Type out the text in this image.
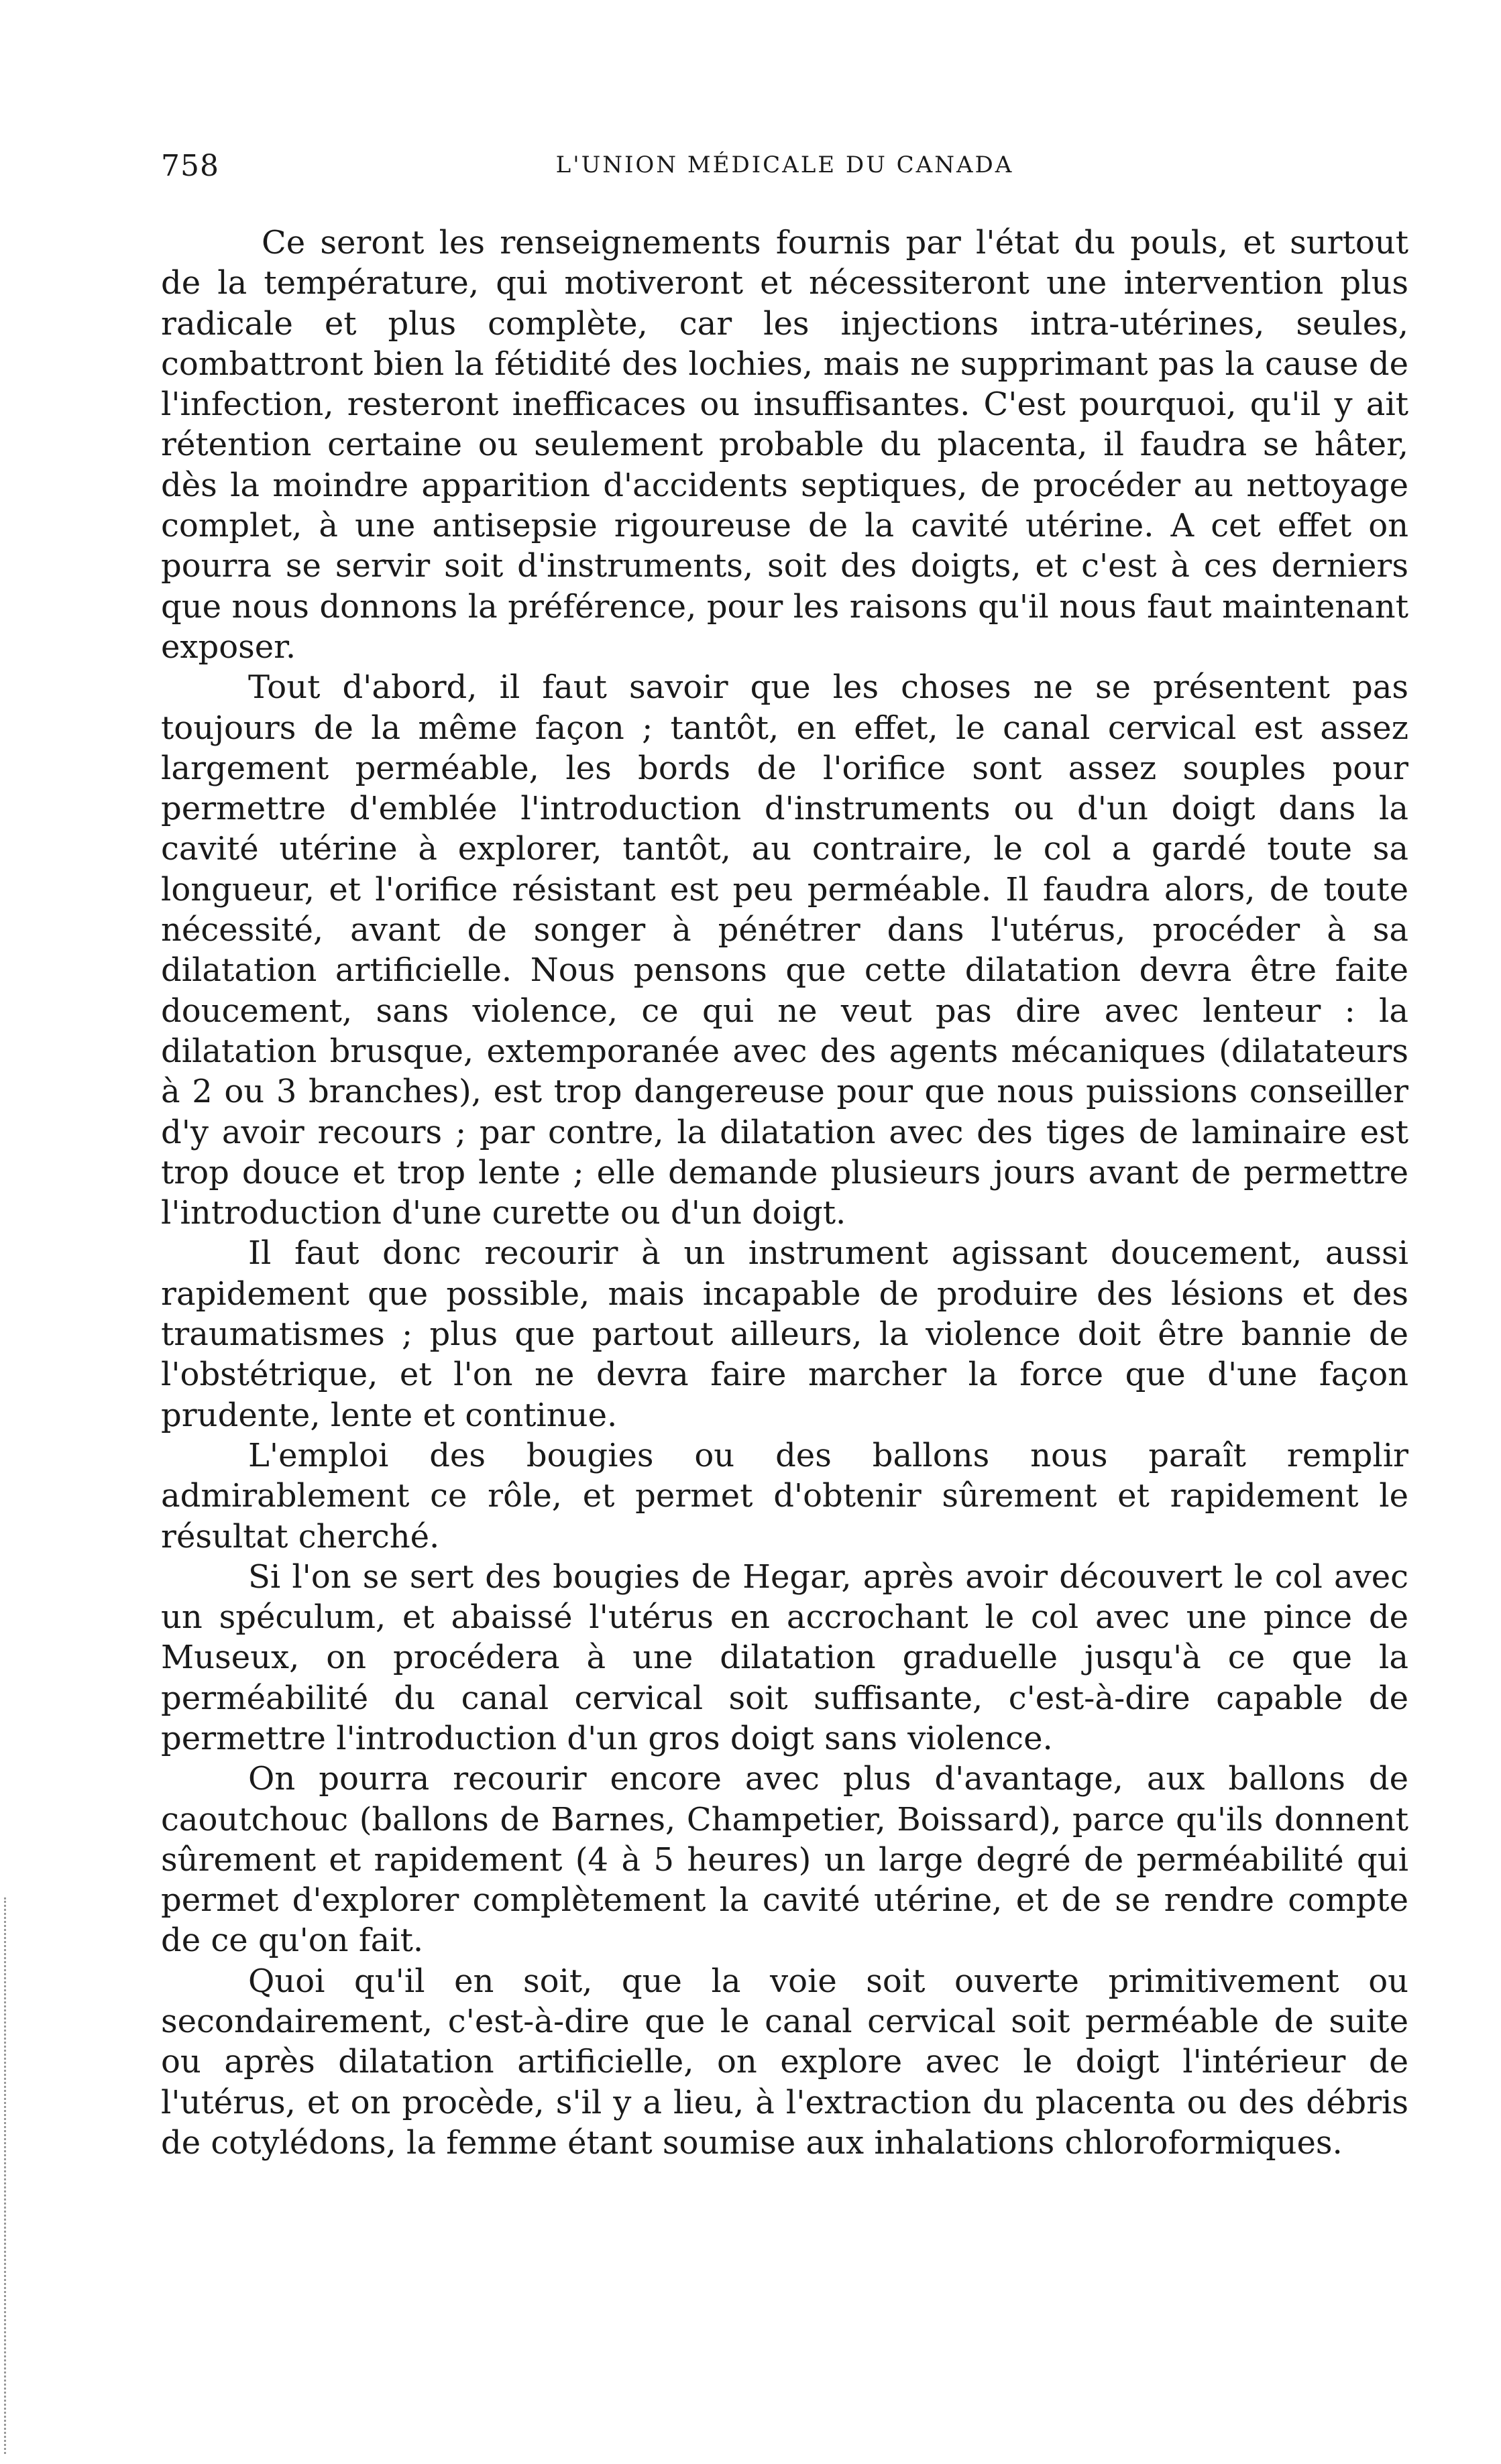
758	L'UNION MÉDICALE DU CANADA

Ce seront les renseignements fournis par l'état du pouls, et surtout de la température, qui motiveront et nécessiteront une intervention plus radicale et plus complète, car les injections intra-utérines, seules, combattront bien la fétidité des lochies, mais ne supprimant pas la cause de l'infection, resteront inefficaces ou insuffisantes. C'est pourquoi, qu'il y ait rétention certaine ou seulement probable du placenta, il faudra se hâter, dès la moindre apparition d'accidents septiques, de procéder au nettoyage complet, à une antisepsie rigoureuse de la cavité utérine. A cet effet on pourra se servir soit d'instruments, soit des doigts, et c'est à ces derniers que nous donnons la préférence, pour les raisons qu'il nous faut maintenant exposer.

Tout d'abord, il faut savoir que les choses ne se présentent pas toujours de la même façon ; tantôt, en effet, le canal cervical est assez largement perméable, les bords de l'orifice sont assez souples pour permettre d'emblée l'introduction d'instruments ou d'un doigt dans la cavité utérine à explorer, tantôt, au contraire, le col a gardé toute sa longueur, et l'orifice résistant est peu perméable. Il faudra alors, de toute nécessité, avant de songer à pénétrer dans l'utérus, procéder à sa dilatation artificielle. Nous pensons que cette dilatation devra être faite doucement, sans violence, ce qui ne veut pas dire avec lenteur : la dilatation brusque, extemporanée avec des agents mécaniques (dilatateurs à 2 ou 3 branches), est trop dangereuse pour que nous puissions conseiller d'y avoir recours ; par contre, la dilatation avec des tiges de laminaire est trop douce et trop lente ; elle demande plusieurs jours avant de permettre l'introduction d'une curette ou d'un doigt.

Il faut donc recourir à un instrument agissant doucement, aussi rapidement que possible, mais incapable de produire des lésions et des traumatismes ; plus que partout ailleurs, la violence doit être bannie de l'obstétrique, et l'on ne devra faire marcher la force que d'une façon prudente, lente et continue.

L'emploi des bougies ou des ballons nous paraît remplir admirablement ce rôle, et permet d'obtenir sûrement et rapidement le résultat cherché.

Si l'on se sert des bougies de Hegar, après avoir découvert le col avec un spéculum, et abaissé l'utérus en accrochant le col avec une pince de Museux, on procédera à une dilatation graduelle jusqu'à ce que la perméabilité du canal cervical soit suffisante, c'est-à-dire capable de permettre l'introduction d'un gros doigt sans violence.

On pourra recourir encore avec plus d'avantage, aux ballons de caoutchouc (ballons de Barnes, Champetier, Boissard), parce qu'ils donnent sûrement et rapidement (4 à 5 heures) un large degré de perméabilité qui permet d'explorer complètement la cavité utérine, et de se rendre compte de ce qu'on fait.

Quoi qu'il en soit, que la voie soit ouverte primitivement ou secondairement, c'est-à-dire que le canal cervical soit perméable de suite ou après dilatation artificielle, on explore avec le doigt l'intérieur de l'utérus, et on procède, s'il y a lieu, à l'extraction du placenta ou des débris de cotylédons, la femme étant soumise aux inhalations chloroformiques.
